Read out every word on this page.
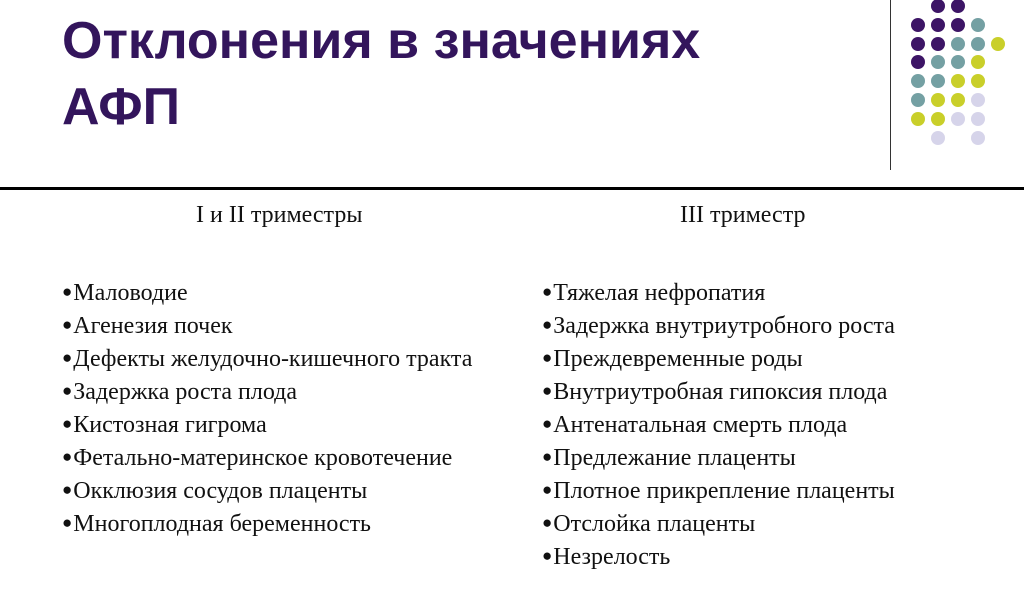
Отклонения в значениях
АФП
I и II триместры	III триместр
●Маловодие
●Агенезия почек
●Дефекты желудочно-кишечного тракта
●Задержка роста плода
●Кистозная гигрома
●Фетально-материнское кровотечение
●Окклюзия сосудов плаценты
●Многоплодная беременность
●Тяжелая нефропатия
●Задержка внутриутробного роста
●Преждевременные роды
●Внутриутробная гипоксия плода
●Антенатальная смерть плода
●Предлежание плаценты
●Плотное прикрепление плаценты
●Отслойка плаценты
●Незрелость
